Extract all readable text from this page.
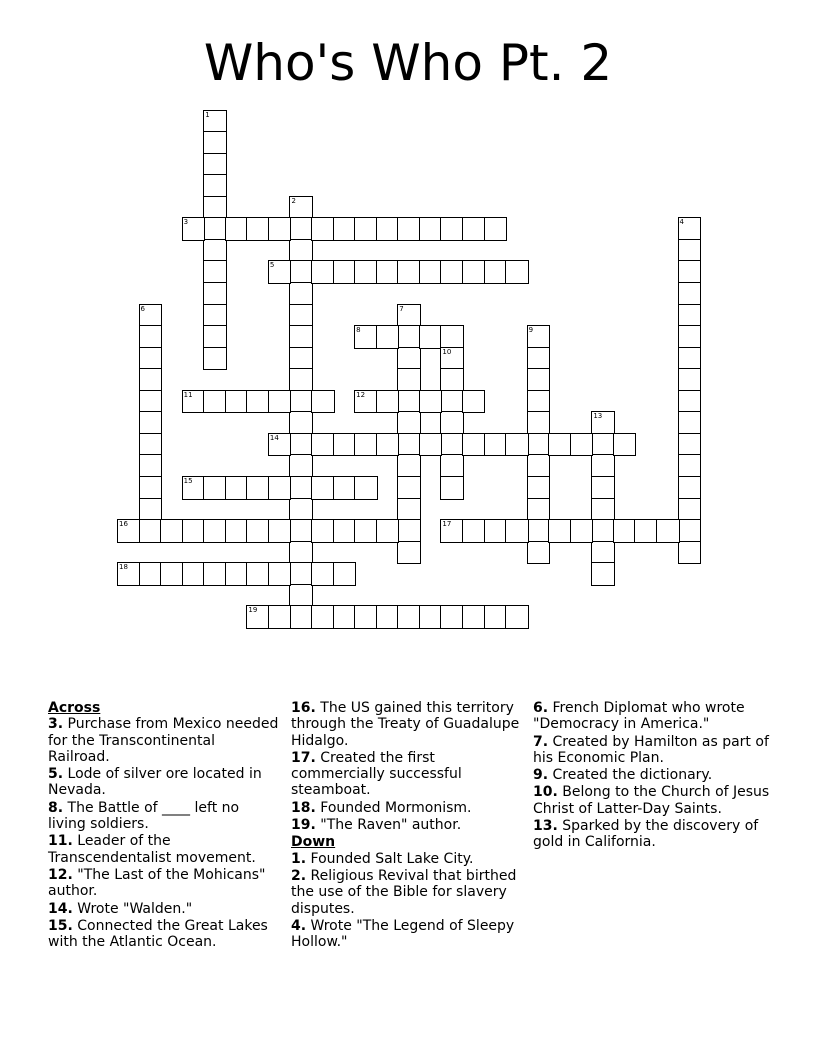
Who's Who Pt. 2
1
2
3	4
5
6	7
8	9
10
11	12
13
14
15
16	17
18
19
Across
3. Purchase from Mexico needed for the Transcontinental Railroad.
5. Lode of silver ore located in Nevada.
8. The Battle of ____ left no living soldiers.
11. Leader of the Transcendentalist movement.
12. "The Last of the Mohicans" author.
14. Wrote "Walden."
15. Connected the Great Lakes with the Atlantic Ocean.
16. The US gained this territory through the Treaty of Guadalupe Hidalgo.
17. Created the first commercially successful steamboat.
18. Founded Mormonism.
19. "The Raven" author.
Down
1. Founded Salt Lake City.
2. Religious Revival that birthed the use of the Bible for slavery disputes.
4. Wrote "The Legend of Sleepy Hollow."
6. French Diplomat who wrote "Democracy in America."
7. Created by Hamilton as part of his Economic Plan.
9. Created the dictionary.
10. Belong to the Church of Jesus Christ of Latter-Day Saints.
13. Sparked by the discovery of gold in California.
